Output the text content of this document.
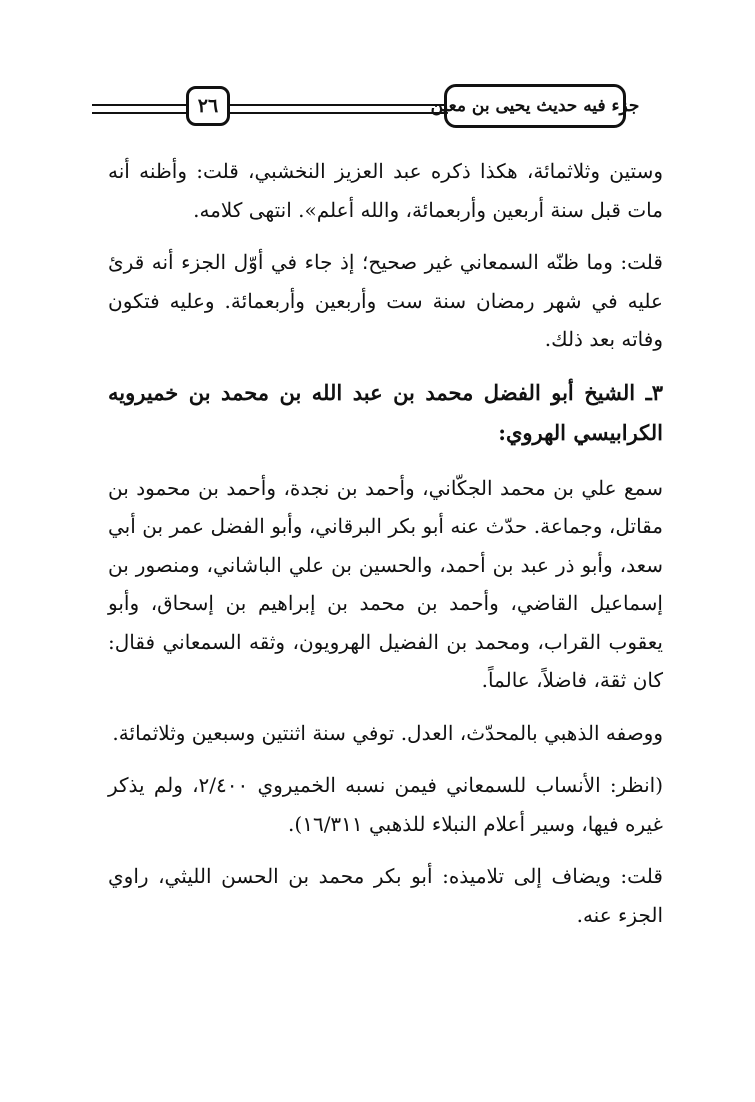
٢٦	جزء فيه حديث يحيى بن معين

وستين وثلاثمائة، هكذا ذكره عبد العزيز النخشبي، قلت: وأظنه أنه مات قبل سنة أربعين وأربعمائة، والله أعلم». انتهى كلامه.

قلت: وما ظنّه السمعاني غير صحيح؛ إذ جاء في أوّل الجزء أنه قرئ عليه في شهر رمضان سنة ست وأربعين وأربعمائة. وعليه فتكون وفاته بعد ذلك.

٣ـ الشيخ أبو الفضل محمد بن عبد الله بن محمد بن خميرويه الكرابيسي الهروي:

سمع علي بن محمد الجكّاني، وأحمد بن نجدة، وأحمد بن محمود بن مقاتل، وجماعة. حدّث عنه أبو بكر البرقاني، وأبو الفضل عمر بن أبي سعد، وأبو ذر عبد بن أحمد، والحسين بن علي الباشاني، ومنصور بن إسماعيل القاضي، وأحمد بن محمد بن إبراهيم بن إسحاق، وأبو يعقوب القراب، ومحمد بن الفضيل الهرويون، وثقه السمعاني فقال: كان ثقة، فاضلاً، عالماً.

ووصفه الذهبي بالمحدّث، العدل. توفي سنة اثنتين وسبعين وثلاثمائة.

(انظر: الأنساب للسمعاني فيمن نسبه الخميروي ٢/٤٠٠، ولم يذكر غيره فيها، وسير أعلام النبلاء للذهبي ١٦/٣١١).

قلت: ويضاف إلى تلاميذه: أبو بكر محمد بن الحسن الليثي، راوي الجزء عنه.
